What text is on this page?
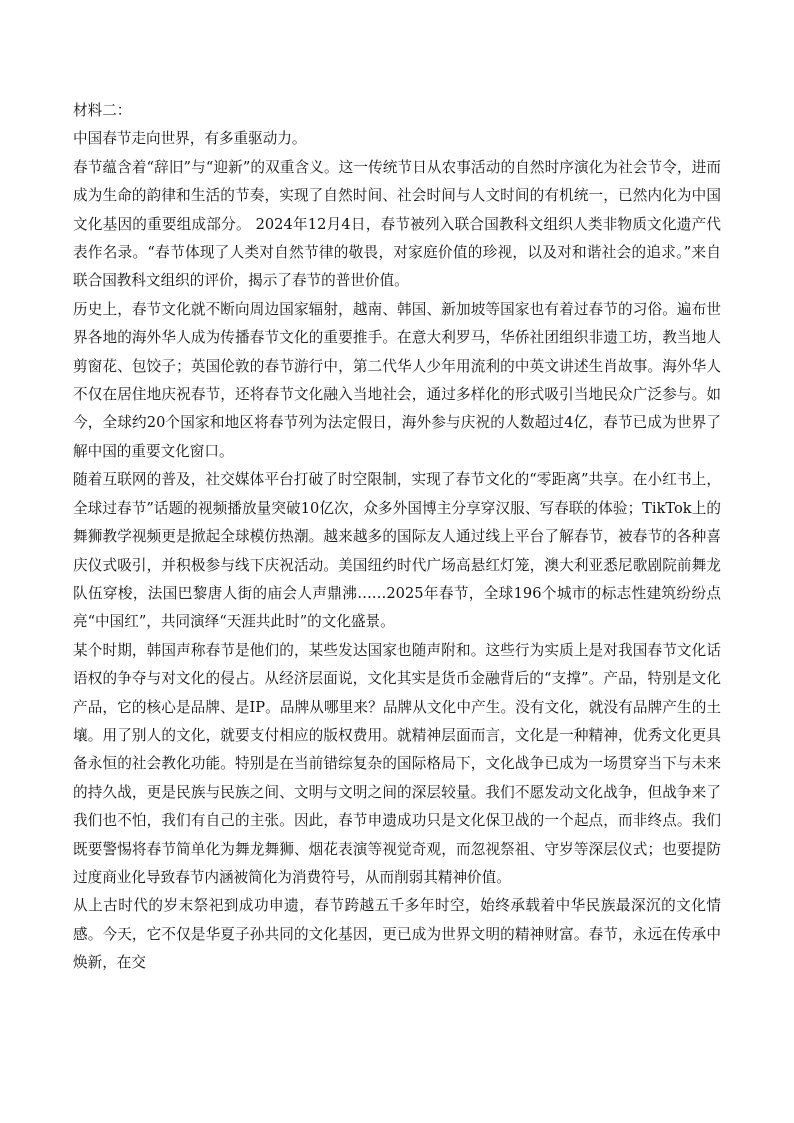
材料二：

中国春节走向世界，有多重驱动力。

春节蕴含着“辞旧”与“迎新”的双重含义。这一传统节日从农事活动的自然时序演化为社会节令，进而成为生命的韵律和生活的节奏，实现了自然时间、社会时间与人文时间的有机统一，已然内化为中国文化基因的重要组成部分。 2024年12月4日，春节被列入联合国教科文组织人类非物质文化遗产代表作名录。“春节体现了人类对自然节律的敬畏，对家庭价值的珍视，以及对和谐社会的追求。”来自联合国教科文组织的评价，揭示了春节的普世价值。

历史上，春节文化就不断向周边国家辐射，越南、韩国、新加坡等国家也有着过春节的习俗。遍布世界各地的海外华人成为传播春节文化的重要推手。在意大利罗马，华侨社团组织非遗工坊，教当地人剪窗花、包饺子；英国伦敦的春节游行中，第二代华人少年用流利的中英文讲述生肖故事。海外华人不仅在居住地庆祝春节，还将春节文化融入当地社会，通过多样化的形式吸引当地民众广泛参与。如今，全球约20个国家和地区将春节列为法定假日，海外参与庆祝的人数超过4亿，春节已成为世界了解中国的重要文化窗口。

随着互联网的普及，社交媒体平台打破了时空限制，实现了春节文化的“零距离”共享。在小红书上，全球过春节”话题的视频播放量突破10亿次，众多外国博主分享穿汉服、写春联的体验；TikTok上的舞狮教学视频更是掀起全球模仿热潮。越来越多的国际友人通过线上平台了解春节，被春节的各种喜庆仪式吸引，并积极参与线下庆祝活动。美国纽约时代广场高悬红灯笼，澳大利亚悉尼歌剧院前舞龙队伍穿梭，法国巴黎唐人街的庙会人声鼎沸……2025年春节，全球196个城市的标志性建筑纷纷点亮“中国红”，共同演绎“天涯共此时”的文化盛景。

某个时期，韩国声称春节是他们的，某些发达国家也随声附和。这些行为实质上是对我国春节文化话语权的争夺与对文化的侵占。从经济层面说，文化其实是货币金融背后的“支撑”。产品，特别是文化产品，它的核心是品牌、是IP。品牌从哪里来？品牌从文化中产生。没有文化，就没有品牌产生的土壤。用了别人的文化，就要支付相应的版权费用。就精神层面而言，文化是一种精神，优秀文化更具备永恒的社会教化功能。特别是在当前错综复杂的国际格局下，文化战争已成为一场贯穿当下与未来的持久战，更是民族与民族之间、文明与文明之间的深层较量。我们不愿发动文化战争，但战争来了我们也不怕，我们有自己的主张。因此，春节申遗成功只是文化保卫战的一个起点，而非终点。我们既要警惕将春节简单化为舞龙舞狮、烟花表演等视觉奇观，而忽视祭祖、守岁等深层仪式；也要提防过度商业化导致春节内涵被简化为消费符号，从而削弱其精神价值。

从上古时代的岁末祭祀到成功申遗，春节跨越五千多年时空，始终承载着中华民族最深沉的文化情感。今天，它不仅是华夏子孙共同的文化基因，更已成为世界文明的精神财富。春节，永远在传承中焕新，在交
